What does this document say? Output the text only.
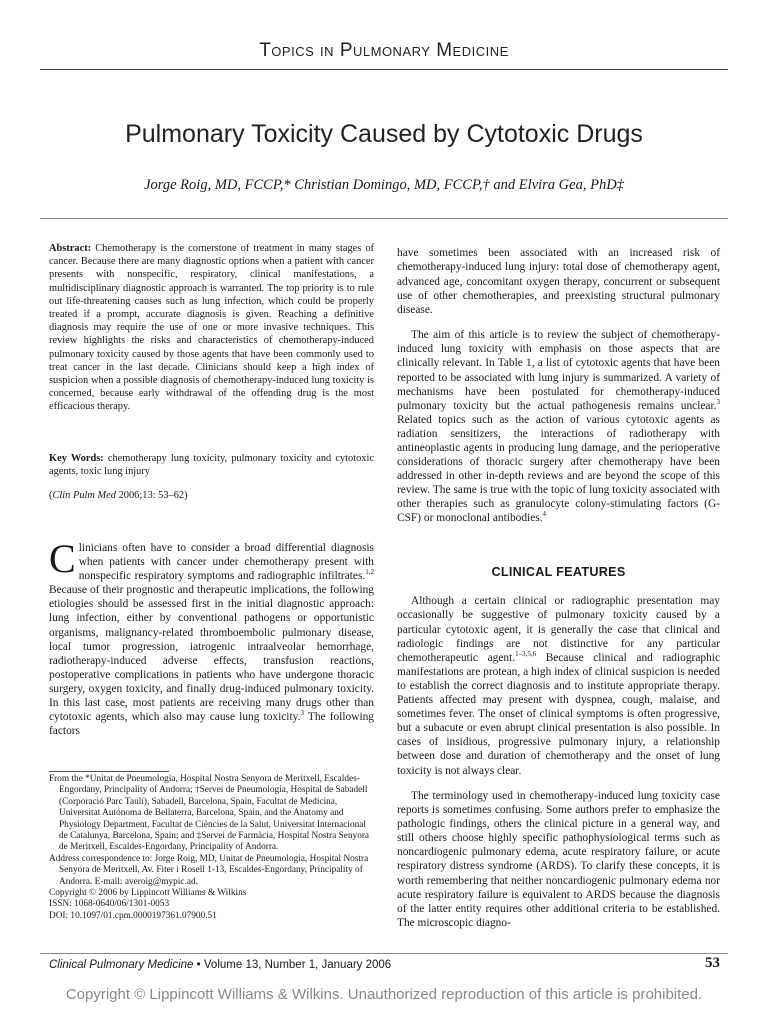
Topics in Pulmonary Medicine
Pulmonary Toxicity Caused by Cytotoxic Drugs
Jorge Roig, MD, FCCP,* Christian Domingo, MD, FCCP,† and Elvira Gea, PhD‡
Abstract: Chemotherapy is the cornerstone of treatment in many stages of cancer. Because there are many diagnostic options when a patient with cancer presents with nonspecific, respiratory, clinical manifestations, a multidisciplinary diagnostic approach is warranted. The top priority is to rule out life-threatening causes such as lung infection, which could be properly treated if a prompt, accurate diagnosis is given. Reaching a definitive diagnosis may require the use of one or more invasive techniques. This review highlights the risks and characteristics of chemotherapy-induced pulmonary toxicity caused by those agents that have been commonly used to treat cancer in the last decade. Clinicians should keep a high index of suspicion when a possible diagnosis of chemotherapy-induced lung toxicity is concerned, because early withdrawal of the offending drug is the most efficacious therapy.
Key Words: chemotherapy lung toxicity, pulmonary toxicity and cytotoxic agents, toxic lung injury
(Clin Pulm Med 2006;13: 53–62)
Clinicians often have to consider a broad differential diagnosis when patients with cancer under chemotherapy present with nonspecific respiratory symptoms and radiographic infiltrates.$^{1,2}$ Because of their prognostic and therapeutic implications, the following etiologies should be assessed first in the initial diagnostic approach: lung infection, either by conventional pathogens or opportunistic organisms, malignancy-related thromboembolic pulmonary disease, local tumor progression, iatrogenic intraalveolar hemorrhage, radiotherapy-induced adverse effects, transfusion reactions, postoperative complications in patients who have undergone thoracic surgery, oxygen toxicity, and finally drug-induced pulmonary toxicity. In this last case, most patients are receiving many drugs other than cytotoxic agents, which also may cause lung toxicity.$^3$ The following factors

From the *Unitat de Pneumologia, Hospital Nostra Senyora de Meritxell, Escaldes-Engordany, Principality of Andorra; †Servei de Pneumologia, Hospital de Sabadell (Corporació Parc Taulí), Sabadell, Barcelona, Spain, Facultat de Medicina, Universitat Autónoma de Bellaterra, Barcelona, Spain, and the Anatomy and Physiology Department, Facultat de Ciències de la Salut, Universitat Internacional de Catalunya, Barcelona, Spain; and ‡Servei de Farmàcia, Hospital Nostra Senyora de Meritxell, Escaldes-Engordany, Principality of Andorra.

Address correspondence to: Jorge Roig, MD, Unitat de Pneumologia, Hospital Nostra Senyora de Meritxell, Av. Fiter i Rosell 1-13, Escaldes-Engordany, Principality of Andorra. E-mail: averoig@mypic.ad.

Copyright © 2006 by Lippincott Williams & Wilkins

ISSN: 1068-0640/06/1301-0053

DOI: 10.1097/01.cpm.0000197361.07900.51

have sometimes been associated with an increased risk of chemotherapy-induced lung injury: total dose of chemotherapy agent, advanced age, concomitant oxygen therapy, concurrent or subsequent use of other chemotherapies, and preexisting structural pulmonary disease.

The aim of this article is to review the subject of chemotherapy-induced lung toxicity with emphasis on those aspects that are clinically relevant. In Table 1, a list of cytotoxic agents that have been reported to be associated with lung injury is summarized. A variety of mechanisms have been postulated for chemotherapy-induced pulmonary toxicity but the actual pathogenesis remains unclear.$^3$ Related topics such as the action of various cytotoxic agents as radiation sensitizers, the interactions of radiotherapy with antineoplastic agents in producing lung damage, and the perioperative considerations of thoracic surgery after chemotherapy have been addressed in other in-depth reviews and are beyond the scope of this review. The same is true with the topic of lung toxicity associated with other therapies such as granulocyte colony-stimulating factors (G-CSF) or monoclonal antibodies.$^4$

CLINICAL FEATURES

Although a certain clinical or radiographic presentation may occasionally be suggestive of pulmonary toxicity caused by a particular cytotoxic agent, it is generally the case that clinical and radiologic findings are not distinctive for any particular chemotherapeutic agent.$^{1-3,5,6}$ Because clinical and radiographic manifestations are protean, a high index of clinical suspicion is needed to establish the correct diagnosis and to institute appropriate therapy. Patients affected may present with dyspnea, cough, malaise, and sometimes fever. The onset of clinical symptoms is often progressive, but a subacute or even abrupt clinical presentation is also possible. In cases of insidious, progressive pulmonary injury, a relationship between dose and duration of chemotherapy and the onset of lung toxicity is not always clear.

The terminology used in chemotherapy-induced lung toxicity case reports is sometimes confusing. Some authors prefer to emphasize the pathologic findings, others the clinical picture in a general way, and still others choose highly specific pathophysiological terms such as noncardiogenic pulmonary edema, acute respiratory failure, or acute respiratory distress syndrome (ARDS). To clarify these concepts, it is worth remembering that neither noncardiogenic pulmonary edema nor acute respiratory failure is equivalent to ARDS because the diagnosis of the latter entity requires other additional criteria to be established. The microscopic diagno-

Clinical Pulmonary Medicine • Volume 13, Number 1, January 2006	53
Copyright © Lippincott Williams & Wilkins. Unauthorized reproduction of this article is prohibited.
